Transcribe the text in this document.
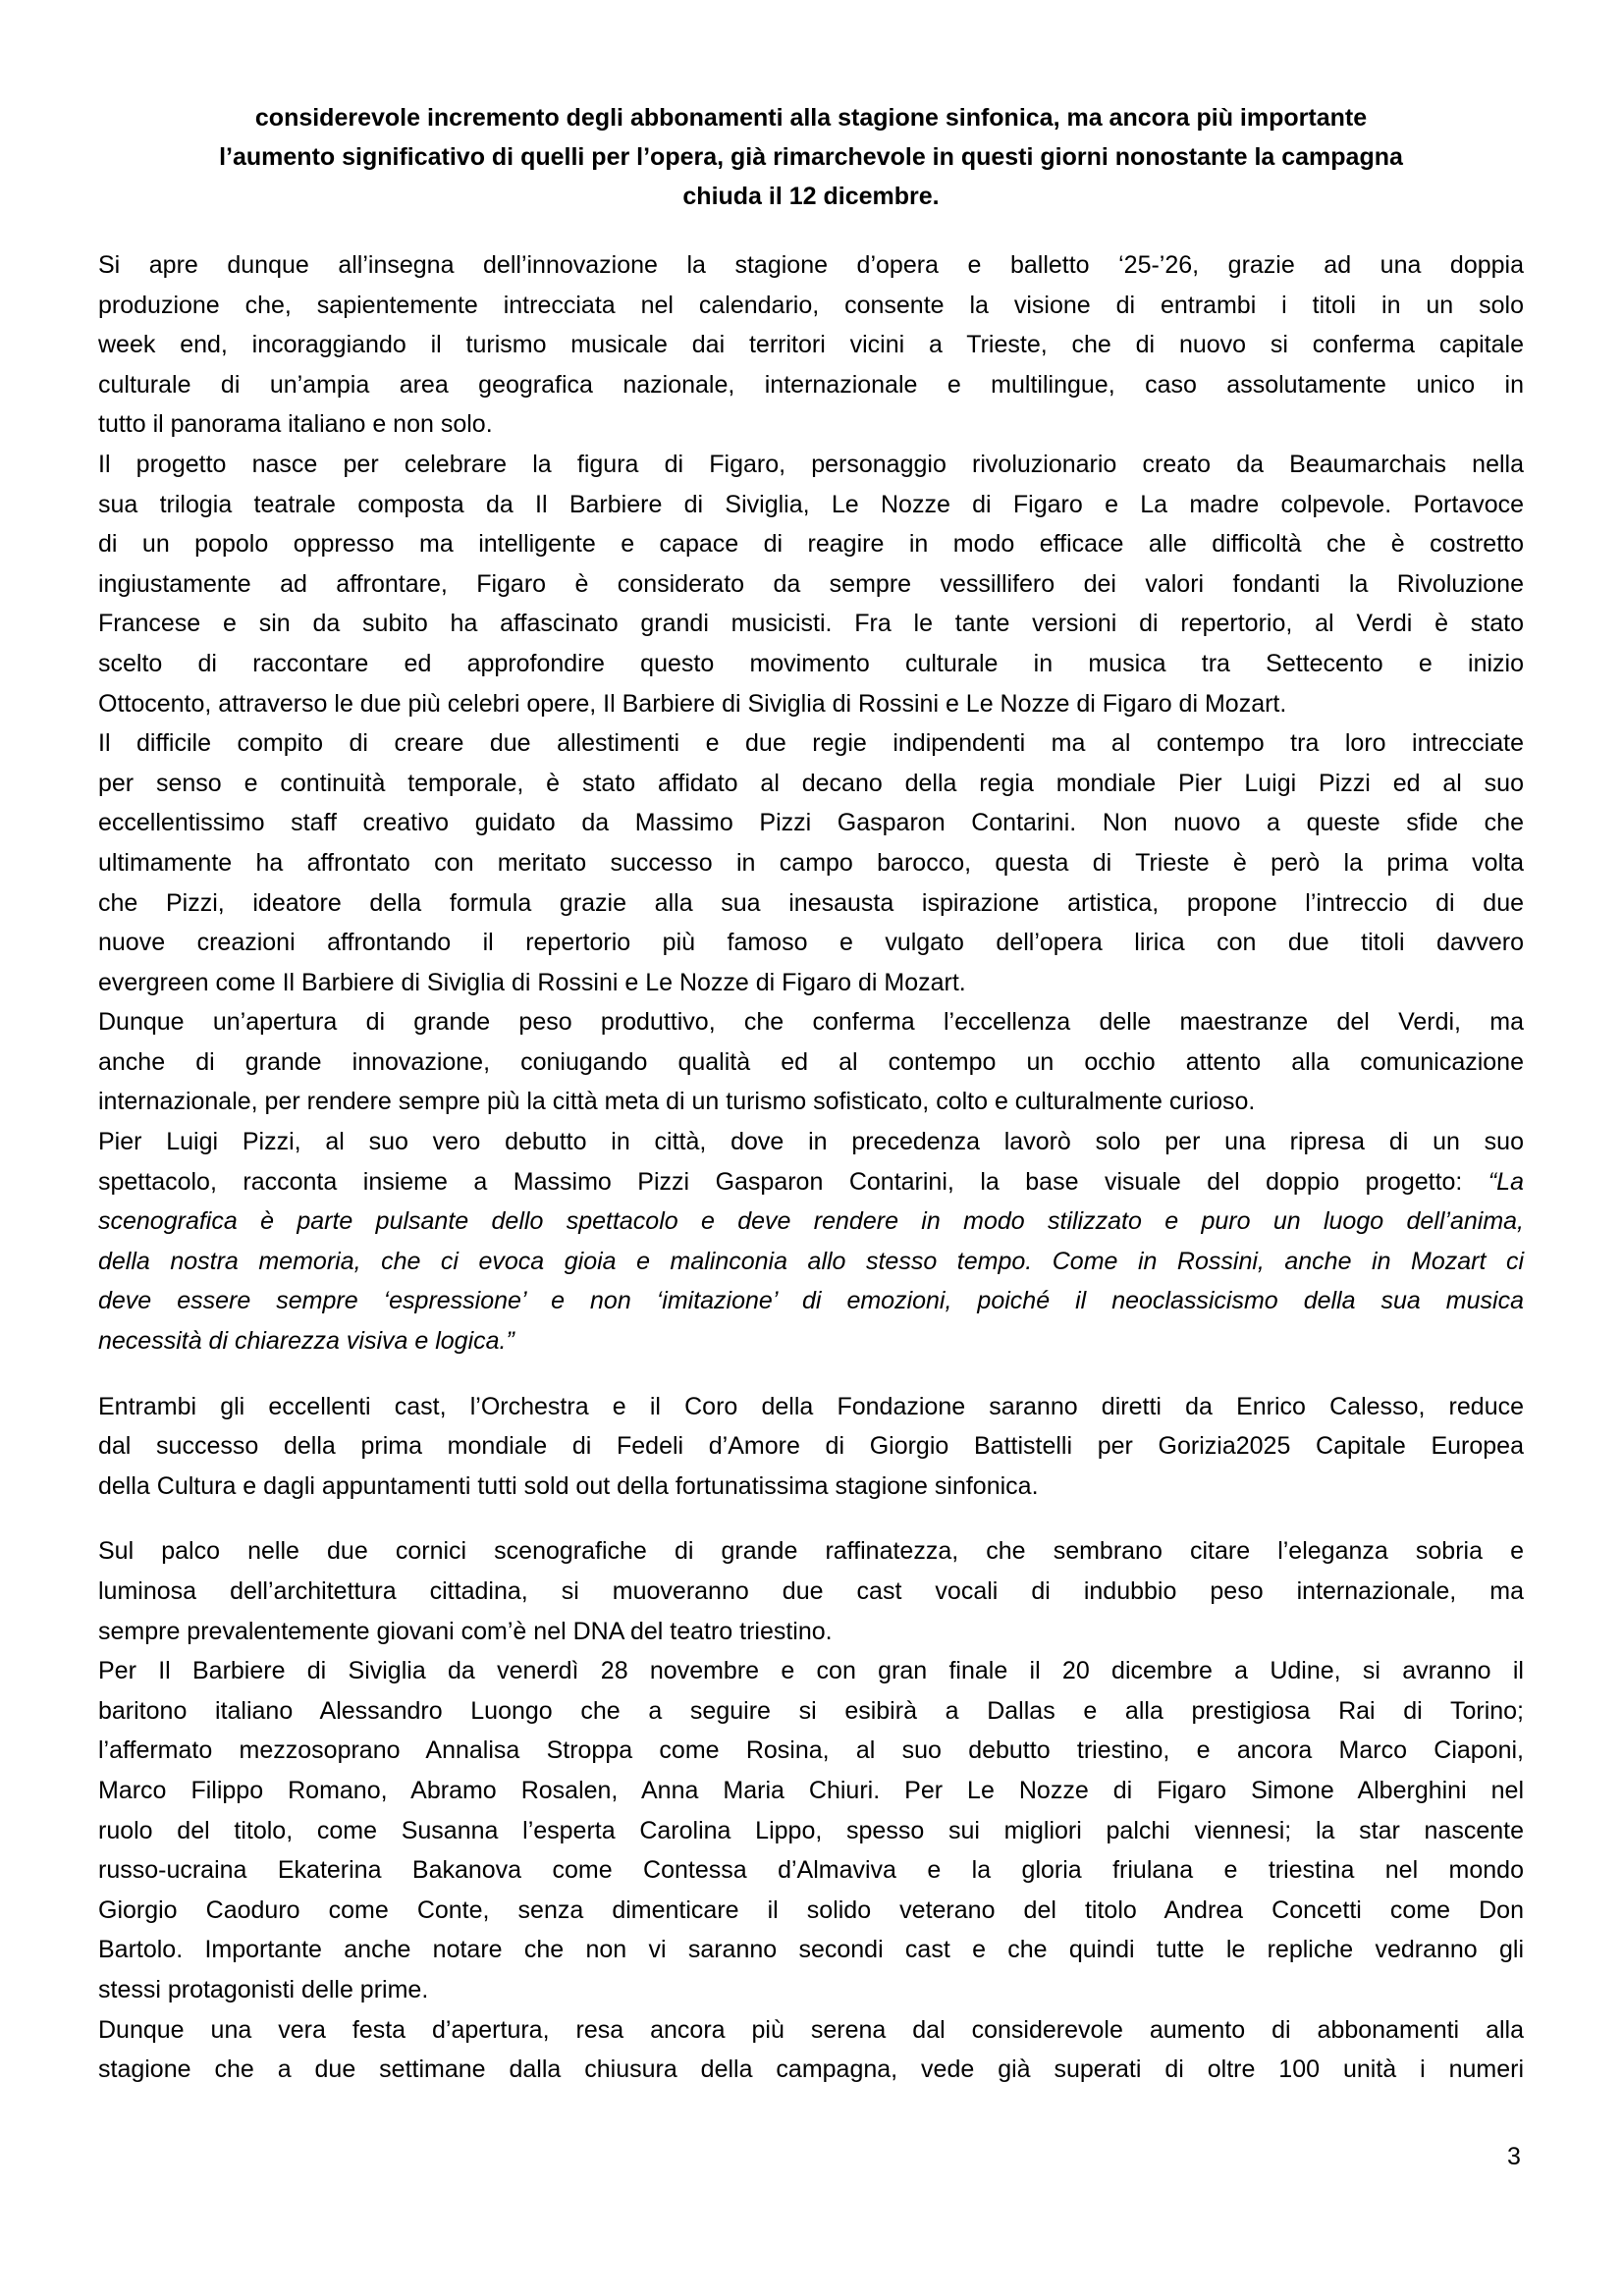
considerevole incremento degli abbonamenti alla stagione sinfonica, ma ancora più importante
l’aumento significativo di quelli per l’opera, già rimarchevole in questi giorni nonostante la campagna
chiuda il 12 dicembre.
Si apre dunque all’insegna dell’innovazione la stagione d’opera e balletto ‘25-’26, grazie ad una doppia
produzione che, sapientemente intrecciata nel calendario, consente la visione di entrambi i titoli in un solo
week end, incoraggiando il turismo musicale dai territori vicini a Trieste, che di nuovo si conferma capitale
culturale di un’ampia area geografica nazionale, internazionale e multilingue, caso assolutamente unico in
tutto il panorama italiano e non solo.
Il progetto nasce per celebrare la figura di Figaro, personaggio rivoluzionario creato da Beaumarchais nella
sua trilogia teatrale composta da Il Barbiere di Siviglia, Le Nozze di Figaro e La madre colpevole. Portavoce
di un popolo oppresso ma intelligente e capace di reagire in modo efficace alle difficoltà che è costretto
ingiustamente ad affrontare, Figaro è considerato da sempre vessillifero dei valori fondanti la Rivoluzione
Francese e sin da subito ha affascinato grandi musicisti. Fra le tante versioni di repertorio, al Verdi è stato
scelto di raccontare ed approfondire questo movimento culturale in musica tra Settecento e inizio
Ottocento, attraverso le due più celebri opere, Il Barbiere di Siviglia di Rossini e Le Nozze di Figaro di Mozart.
Il difficile compito di creare due allestimenti e due regie indipendenti ma al contempo tra loro intrecciate
per senso e continuità temporale, è stato affidato al decano della regia mondiale Pier Luigi Pizzi ed al suo
eccellentissimo staff creativo guidato da Massimo Pizzi Gasparon Contarini. Non nuovo a queste sfide che
ultimamente ha affrontato con meritato successo in campo barocco, questa di Trieste è però la prima volta
che Pizzi, ideatore della formula grazie alla sua inesausta ispirazione artistica, propone l’intreccio di due
nuove creazioni affrontando il repertorio più famoso e vulgato dell’opera lirica con due titoli davvero
evergreen come Il Barbiere di Siviglia di Rossini e Le Nozze di Figaro di Mozart.
Dunque un’apertura di grande peso produttivo, che conferma l’eccellenza delle maestranze del Verdi, ma
anche di grande innovazione, coniugando qualità ed al contempo un occhio attento alla comunicazione
internazionale, per rendere sempre più la città meta di un turismo sofisticato, colto e culturalmente curioso.
Pier Luigi Pizzi, al suo vero debutto in città, dove in precedenza lavorò solo per una ripresa di un suo
spettacolo, racconta insieme a Massimo Pizzi Gasparon Contarini, la base visuale del doppio progetto: “La
scenografica è parte pulsante dello spettacolo e deve rendere in modo stilizzato e puro un luogo dell’anima,
della nostra memoria, che ci evoca gioia e malinconia allo stesso tempo. Come in Rossini, anche in Mozart ci
deve essere sempre ‘espressione’ e non ‘imitazione’ di emozioni, poiché il neoclassicismo della sua musica
necessità di chiarezza visiva e logica.”
Entrambi gli eccellenti cast, l’Orchestra e il Coro della Fondazione saranno diretti da Enrico Calesso, reduce
dal successo della prima mondiale di Fedeli d’Amore di Giorgio Battistelli per Gorizia2025 Capitale Europea
della Cultura e dagli appuntamenti tutti sold out della fortunatissima stagione sinfonica.
Sul palco nelle due cornici scenografiche di grande raffinatezza, che sembrano citare l’eleganza sobria e
luminosa dell’architettura cittadina, si muoveranno due cast vocali di indubbio peso internazionale, ma
sempre prevalentemente giovani com’è nel DNA del teatro triestino.
Per Il Barbiere di Siviglia da venerdì 28 novembre e con gran finale il 20 dicembre a Udine, si avranno il
baritono italiano Alessandro Luongo che a seguire si esibirà a Dallas e alla prestigiosa Rai di Torino;
l’affermato mezzosoprano Annalisa Stroppa come Rosina, al suo debutto triestino, e ancora Marco Ciaponi,
Marco Filippo Romano, Abramo Rosalen, Anna Maria Chiuri. Per Le Nozze di Figaro Simone Alberghini nel
ruolo del titolo, come Susanna l’esperta Carolina Lippo, spesso sui migliori palchi viennesi; la star nascente
russo-ucraina Ekaterina Bakanova come Contessa d’Almaviva e la gloria friulana e triestina nel mondo
Giorgio Caoduro come Conte, senza dimenticare il solido veterano del titolo Andrea Concetti come Don
Bartolo. Importante anche notare che non vi saranno secondi cast e che quindi tutte le repliche vedranno gli
stessi protagonisti delle prime.
Dunque una vera festa d’apertura, resa ancora più serena dal considerevole aumento di abbonamenti alla
stagione che a due settimane dalla chiusura della campagna, vede già superati di oltre 100 unità i numeri
3
